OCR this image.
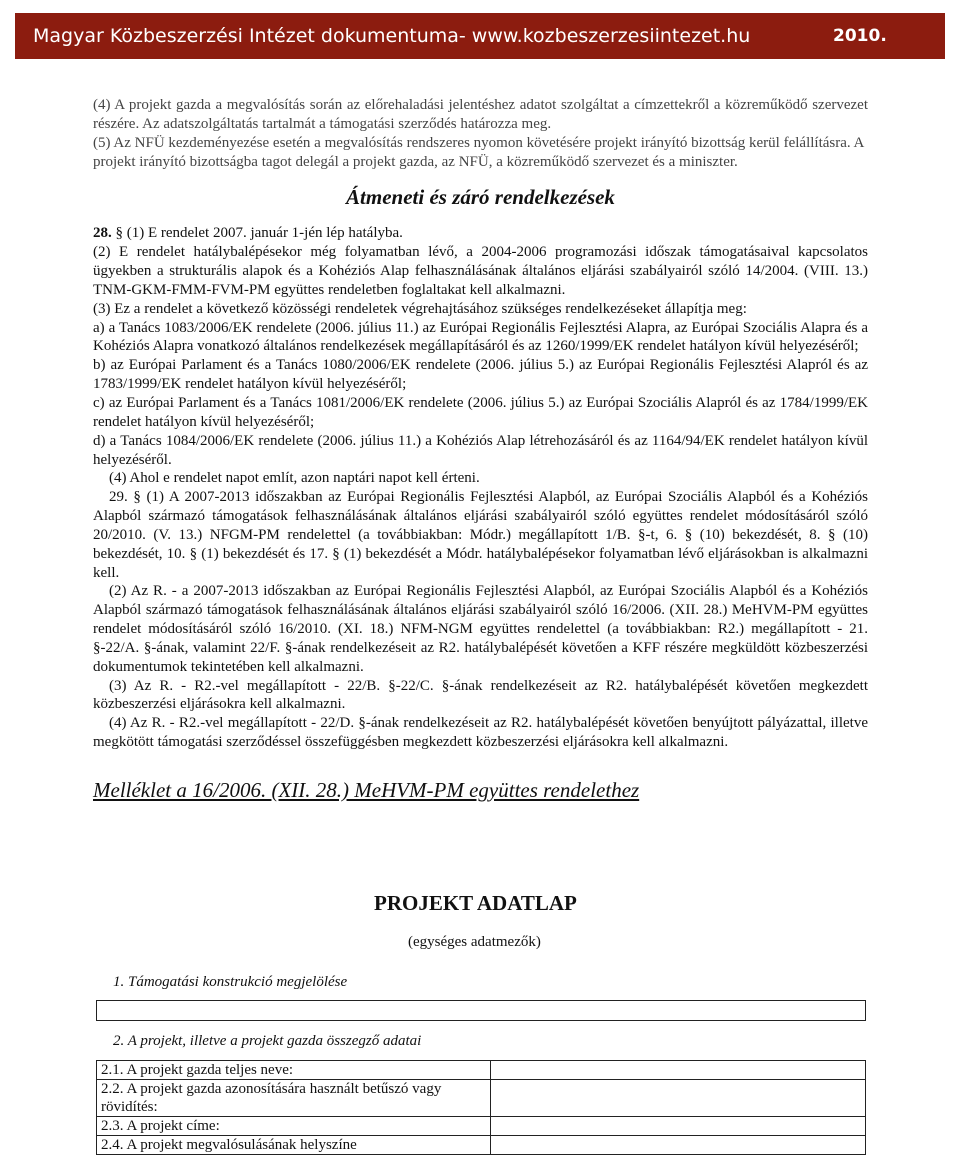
Magyar Közbeszerzési Intézet dokumentuma- www.kozbeszerzesiintezet.hu	2010.

(4) A projekt gazda a megvalósítás során az előrehaladási jelentéshez adatot szolgáltat a címzettekről a közreműködő szervezet részére. Az adatszolgáltatás tartalmát a támogatási szerződés határozza meg.

(5) Az NFÜ kezdeményezése esetén a megvalósítás rendszeres nyomon követésére projekt irányító bizottság kerül felállításra. A projekt irányító bizottságba tagot delegál a projekt gazda, az NFÜ, a közreműködő szervezet és a miniszter.

Átmeneti és záró rendelkezések

28. § (1) E rendelet 2007. január 1-jén lép hatályba.

(2) E rendelet hatálybalépésekor még folyamatban lévő, a 2004-2006 programozási időszak támogatásaival kapcsolatos ügyekben a strukturális alapok és a Kohéziós Alap felhasználásának általános eljárási szabályairól szóló 14/2004. (VIII. 13.) TNM-GKM-FMM-FVM-PM együttes rendeletben foglaltakat kell alkalmazni.

(3) Ez a rendelet a következő közösségi rendeletek végrehajtásához szükséges rendelkezéseket állapítja meg:

a) a Tanács 1083/2006/EK rendelete (2006. július 11.) az Európai Regionális Fejlesztési Alapra, az Európai Szociális Alapra és a Kohéziós Alapra vonatkozó általános rendelkezések megállapításáról és az 1260/1999/EK rendelet hatályon kívül helyezéséről;

b) az Európai Parlament és a Tanács 1080/2006/EK rendelete (2006. július 5.) az Európai Regionális Fejlesztési Alapról és az 1783/1999/EK rendelet hatályon kívül helyezéséről;

c) az Európai Parlament és a Tanács 1081/2006/EK rendelete (2006. július 5.) az Európai Szociális Alapról és az 1784/1999/EK rendelet hatályon kívül helyezéséről;

d) a Tanács 1084/2006/EK rendelete (2006. július 11.) a Kohéziós Alap létrehozásáról és az 1164/94/EK rendelet hatályon kívül helyezéséről.

(4) Ahol e rendelet napot említ, azon naptári napot kell érteni.

29. § (1) A 2007-2013 időszakban az Európai Regionális Fejlesztési Alapból, az Európai Szociális Alapból és a Kohéziós Alapból származó támogatások felhasználásának általános eljárási szabályairól szóló együttes rendelet módosításáról szóló 20/2010. (V. 13.) NFGM-PM rendelettel (a továbbiakban: Módr.) megállapított 1/B. §-t, 6. § (10) bekezdését, 8. § (10) bekezdését, 10. § (1) bekezdését és 17. § (1) bekezdését a Módr. hatálybalépésekor folyamatban lévő eljárásokban is alkalmazni kell.

(2) Az R. - a 2007-2013 időszakban az Európai Regionális Fejlesztési Alapból, az Európai Szociális Alapból és a Kohéziós Alapból származó támogatások felhasználásának általános eljárási szabályairól szóló 16/2006. (XII. 28.) MeHVM-PM együttes rendelet módosításáról szóló 16/2010. (XI. 18.) NFM-NGM együttes rendelettel (a továbbiakban: R2.) megállapított - 21. §-22/A. §-ának, valamint 22/F. §-ának rendelkezéseit az R2. hatálybalépését követően a KFF részére megküldött közbeszerzési dokumentumok tekintetében kell alkalmazni.

(3) Az R. - R2.-vel megállapított - 22/B. §-22/C. §-ának rendelkezéseit az R2. hatálybalépését követően megkezdett közbeszerzési eljárásokra kell alkalmazni.

(4) Az R. - R2.-vel megállapított - 22/D. §-ának rendelkezéseit az R2. hatálybalépését követően benyújtott pályázattal, illetve megkötött támogatási szerződéssel összefüggésben megkezdett közbeszerzési eljárásokra kell alkalmazni.

Melléklet a 16/2006. (XII. 28.) MeHVM-PM együttes rendelethez
PROJEKT ADATLAP
(egységes adatmezők)
1. Támogatási konstrukció megjelölése
2. A projekt, illetve a projekt gazda összegző adatai
2.1. A projekt gazda teljes neve:	
2.2. A projekt gazda azonosítására használt betűszó vagy rövidítés:	
2.3. A projekt címe:	
2.4. A projekt megvalósulásának helyszíne	
